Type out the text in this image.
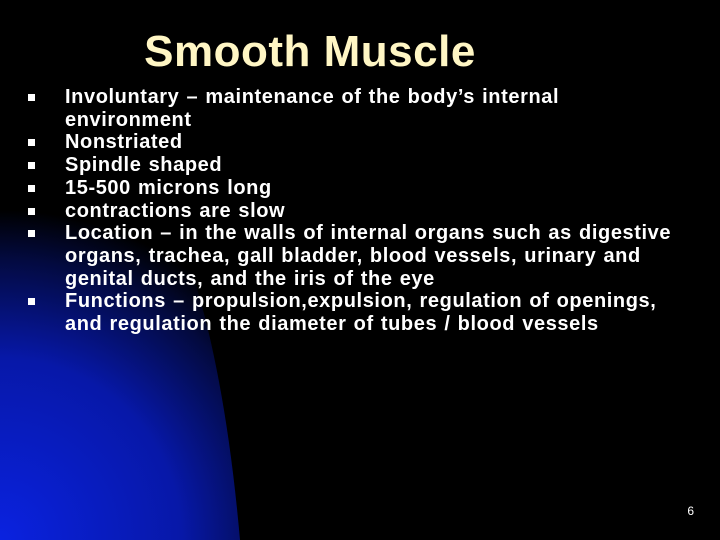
Smooth Muscle
Involuntary – maintenance of the body’s internal environment
Nonstriated
Spindle shaped
15-500 microns long
contractions are slow
Location – in the walls of internal organs such as digestive organs, trachea, gall bladder, blood vessels, urinary and genital ducts, and the iris of the eye
Functions – propulsion,expulsion, regulation of openings, and regulation the diameter of tubes / blood vessels
6
